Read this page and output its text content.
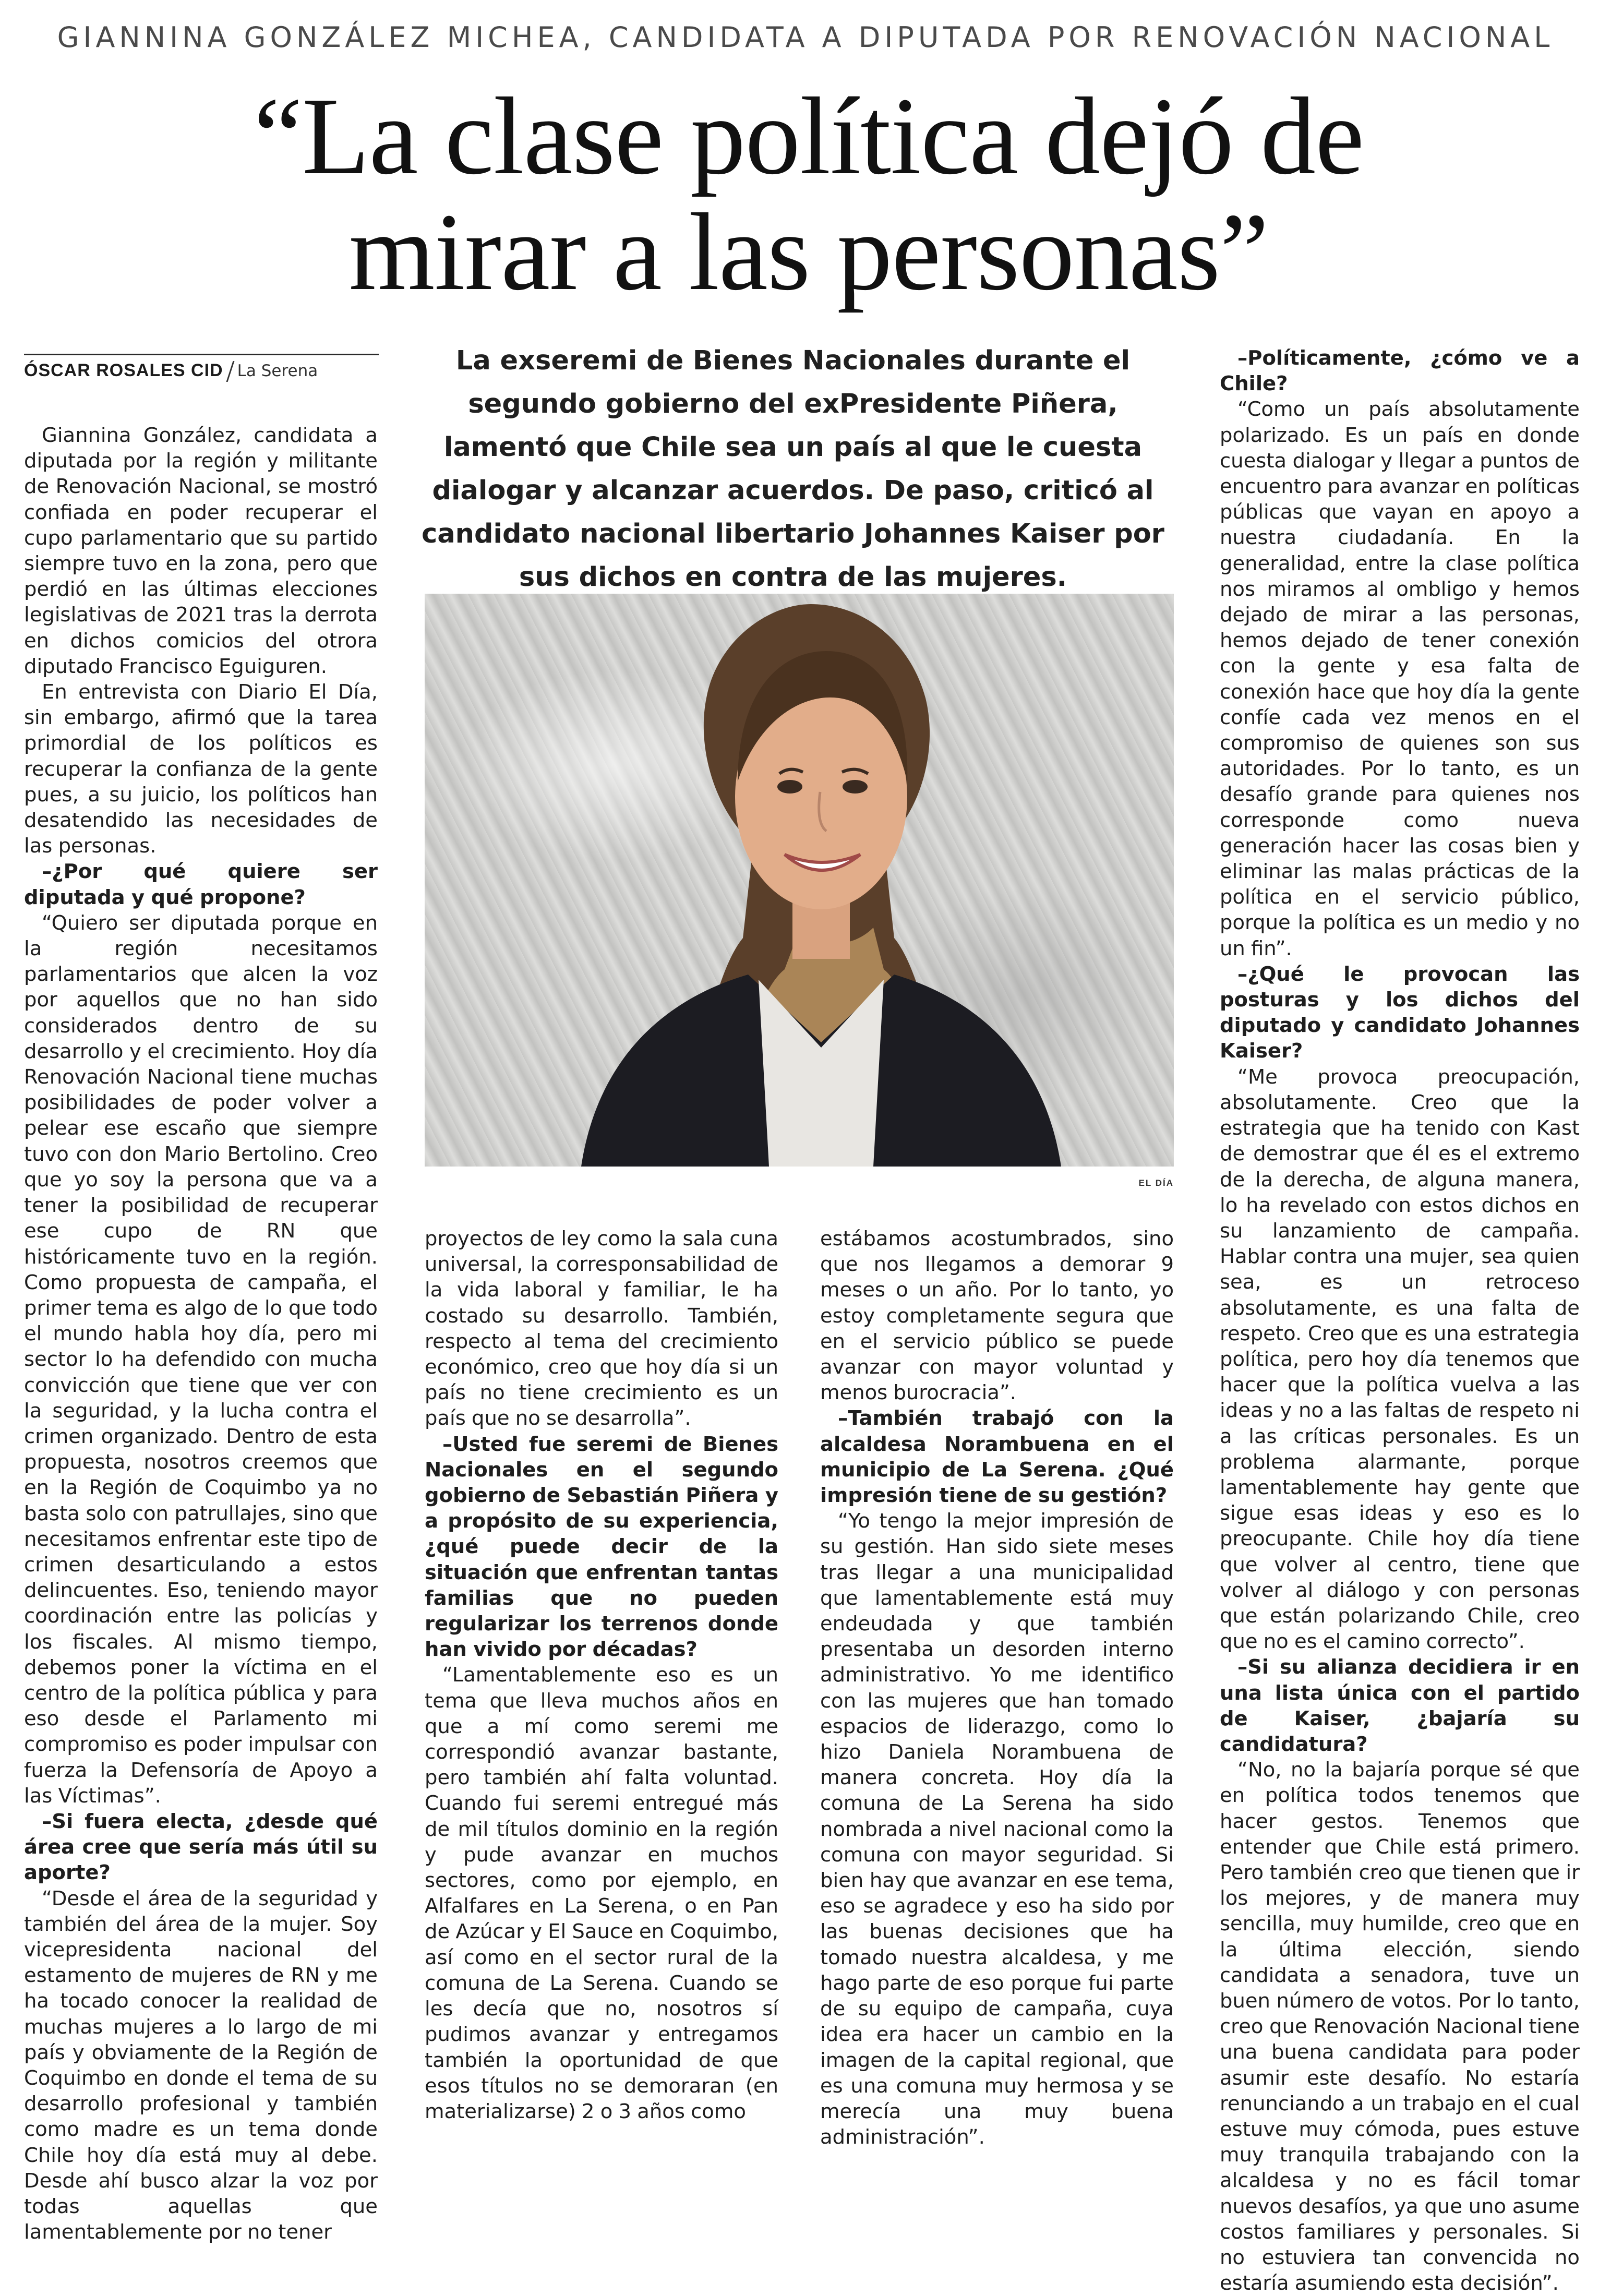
GIANNINA GONZÁLEZ MICHEA, CANDIDATA A DIPUTADA POR RENOVACIÓN NACIONAL
“La clase política dejó de mirar a las personas”
ÓSCAR ROSALES CID La Serena	La exseremi de Bienes Nacionales durante el segundo gobierno del exPresidente Piñera, lamentó que Chile sea un país al que le cuesta dialogar y alcanzar acuerdos. De paso, criticó al candidato nacional libertario Johannes Kaiser por sus dichos en contra de las mujeres.
EL DÍA

Giannina González, candidata a diputada por la región y militante de Renovación Nacional, se mostró confiada en poder recuperar el cupo parlamentario que su partido siempre tuvo en la zona, pero que perdió en las últimas elecciones legislativas de 2021 tras la derrota en dichos comicios del otrora diputado Francisco Eguiguren.

En entrevista con Diario El Día, sin embargo, afirmó que la tarea primordial de los políticos es recuperar la confianza de la gente pues, a su juicio, los políticos han desatendido las necesidades de las personas.

–¿Por qué quiere ser diputada y qué propone?

“Quiero ser diputada porque en la región necesitamos parlamentarios que alcen la voz por aquellos que no han sido considerados dentro de su desarrollo y el crecimiento. Hoy día Renovación Nacional tiene muchas posibilidades de poder volver a pelear ese escaño que siempre tuvo con don Mario Bertolino. Creo que yo soy la persona que va a tener la posibilidad de recuperar ese cupo de RN que históricamente tuvo en la región. Como propuesta de campaña, el primer tema es algo de lo que todo el mundo habla hoy día, pero mi sector lo ha defendido con mucha convicción que tiene que ver con la seguridad, y la lucha contra el crimen organizado. Dentro de esta propuesta, nosotros creemos que en la Región de Coquimbo ya no basta solo con patrullajes, sino que necesitamos enfrentar este tipo de crimen desarticulando a estos delincuentes. Eso, teniendo mayor coordinación entre las policías y los fiscales. Al mismo tiempo, debemos poner la víctima en el centro de la política pública y para eso desde el Parlamento mi compromiso es poder impulsar con fuerza la Defensoría de Apoyo a las Víctimas”.

–Si fuera electa, ¿desde qué área cree que sería más útil su aporte?

“Desde el área de la seguridad y también del área de la mujer. Soy vicepresidenta nacional del estamento de mujeres de RN y me ha tocado conocer la realidad de muchas mujeres a lo largo de mi país y obviamente de la Región de Coquimbo en donde el tema de su desarrollo profesional y también como madre es un tema donde Chile hoy día está muy al debe. Desde ahí busco alzar la voz por todas aquellas que lamentablemente por no tener

proyectos de ley como la sala cuna universal, la corresponsabilidad de la vida laboral y familiar, le ha costado su desarrollo. También, respecto al tema del crecimiento económico, creo que hoy día si un país no tiene crecimiento es un país que no se desarrolla”.

–Usted fue seremi de Bienes Nacionales en el segundo gobierno de Sebastián Piñera y a propósito de su experiencia, ¿qué puede decir de la situación que enfrentan tantas familias que no pueden regularizar los terrenos donde han vivido por décadas?

“Lamentablemente eso es un tema que lleva muchos años en que a mí como seremi me correspondió avanzar bastante, pero también ahí falta voluntad. Cuando fui seremi entregué más de mil títulos dominio en la región y pude avanzar en muchos sectores, como por ejemplo, en Alfalfares en La Serena, o en Pan de Azúcar y El Sauce en Coquimbo, así como en el sector rural de la comuna de La Serena. Cuando se les decía que no, nosotros sí pudimos avanzar y entregamos también la oportunidad de que esos títulos no se demoraran (en materializarse) 2 o 3 años como

estábamos acostumbrados, sino que nos llegamos a demorar 9 meses o un año. Por lo tanto, yo estoy completamente segura que en el servicio público se puede avanzar con mayor voluntad y menos burocracia”.

–También trabajó con la alcaldesa Norambuena en el municipio de La Serena. ¿Qué impresión tiene de su gestión?

“Yo tengo la mejor impresión de su gestión. Han sido siete meses tras llegar a una municipalidad que lamentablemente está muy endeudada y que también presentaba un desorden interno administrativo. Yo me identifico con las mujeres que han tomado espacios de liderazgo, como lo hizo Daniela Norambuena de manera concreta. Hoy día la comuna de La Serena ha sido nombrada a nivel nacional como la comuna con mayor seguridad. Si bien hay que avanzar en ese tema, eso se agradece y eso ha sido por las buenas decisiones que ha tomado nuestra alcaldesa, y me hago parte de eso porque fui parte de su equipo de campaña, cuya idea era hacer un cambio en la imagen de la capital regional, que es una comuna muy hermosa y se merecía una muy buena administración”.

–Políticamente, ¿cómo ve a Chile?

“Como un país absolutamente polarizado. Es un país en donde cuesta dialogar y llegar a puntos de encuentro para avanzar en políticas públicas que vayan en apoyo a nuestra ciudadanía. En la generalidad, entre la clase política nos miramos al ombligo y hemos dejado de mirar a las personas, hemos dejado de tener conexión con la gente y esa falta de conexión hace que hoy día la gente confíe cada vez menos en el compromiso de quienes son sus autoridades. Por lo tanto, es un desafío grande para quienes nos corresponde como nueva generación hacer las cosas bien y eliminar las malas prácticas de la política en el servicio público, porque la política es un medio y no un fin”.

–¿Qué le provocan las posturas y los dichos del diputado y candidato Johannes Kaiser?

“Me provoca preocupación, absolutamente. Creo que la estrategia que ha tenido con Kast de demostrar que él es el extremo de la derecha, de alguna manera, lo ha revelado con estos dichos en su lanzamiento de campaña. Hablar contra una mujer, sea quien sea, es un retroceso absolutamente, es una falta de respeto. Creo que es una estrategia política, pero hoy día tenemos que hacer que la política vuelva a las ideas y no a las faltas de respeto ni a las críticas personales. Es un problema alarmante, porque lamentablemente hay gente que sigue esas ideas y eso es lo preocupante. Chile hoy día tiene que volver al centro, tiene que volver al diálogo y con personas que están polarizando Chile, creo que no es el camino correcto”.

–Si su alianza decidiera ir en una lista única con el partido de Kaiser, ¿bajaría su candidatura?

“No, no la bajaría porque sé que en política todos tenemos que hacer gestos. Tenemos que entender que Chile está primero. Pero también creo que tienen que ir los mejores, y de manera muy sencilla, muy humilde, creo que en la última elección, siendo candidata a senadora, tuve un buen número de votos. Por lo tanto, creo que Renovación Nacional tiene una buena candidata para poder asumir este desafío. No estaría renunciando a un trabajo en el cual estuve muy cómoda, pues estuve muy tranquila trabajando con la alcaldesa y no es fácil tomar nuevos desafíos, ya que uno asume costos familiares y personales. Si no estuviera tan convencida no estaría asumiendo esta decisión”.
